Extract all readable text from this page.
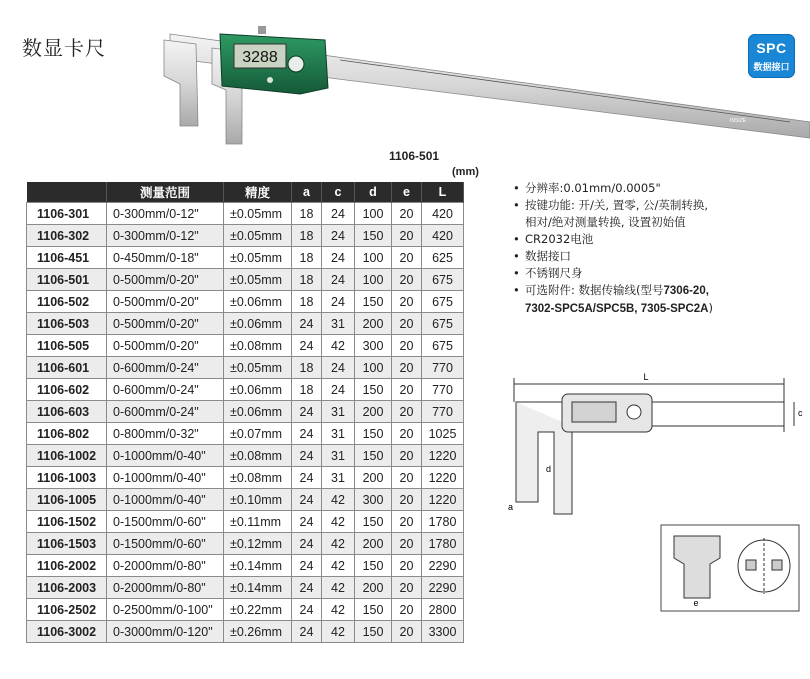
数显卡尺	SPC
数据接口
3288
INSIZE
1106-501
(mm)
	测量范围	精度	a	c	d	e	L
1106-301	0-300mm/0-12"	±0.05mm	18	24	100	20	420
1106-302	0-300mm/0-12"	±0.05mm	18	24	150	20	420
1106-451	0-450mm/0-18"	±0.05mm	18	24	100	20	625
1106-501	0-500mm/0-20"	±0.05mm	18	24	100	20	675
1106-502	0-500mm/0-20"	±0.06mm	18	24	150	20	675
1106-503	0-500mm/0-20"	±0.06mm	24	31	200	20	675
1106-505	0-500mm/0-20"	±0.08mm	24	42	300	20	675
1106-601	0-600mm/0-24"	±0.05mm	18	24	100	20	770
1106-602	0-600mm/0-24"	±0.06mm	18	24	150	20	770
1106-603	0-600mm/0-24"	±0.06mm	24	31	200	20	770
1106-802	0-800mm/0-32"	±0.07mm	24	31	150	20	1025
1106-1002	0-1000mm/0-40"	±0.08mm	24	31	150	20	1220
1106-1003	0-1000mm/0-40"	±0.08mm	24	31	200	20	1220
1106-1005	0-1000mm/0-40"	±0.10mm	24	42	300	20	1220
1106-1502	0-1500mm/0-60"	±0.11mm	24	42	150	20	1780
1106-1503	0-1500mm/0-60"	±0.12mm	24	42	200	20	1780
1106-2002	0-2000mm/0-80"	±0.14mm	24	42	150	20	2290
1106-2003	0-2000mm/0-80"	±0.14mm	24	42	200	20	2290
1106-2502	0-2500mm/0-100"	±0.22mm	24	42	150	20	2800
1106-3002	0-3000mm/0-120"	±0.26mm	24	42	150	20	3300
• 分辨率:0.01mm/0.0005"
• 按键功能: 开/关, 置零, 公/英制转换,
相对/绝对测量转换, 设置初始值
• CR2032电池
• 数据接口
• 不锈钢尺身
• 可选附件: 数据传输线(型号7306-20,
7302-SPC5A/SPC5B, 7305-SPC2A)
L
c
d
a
e
